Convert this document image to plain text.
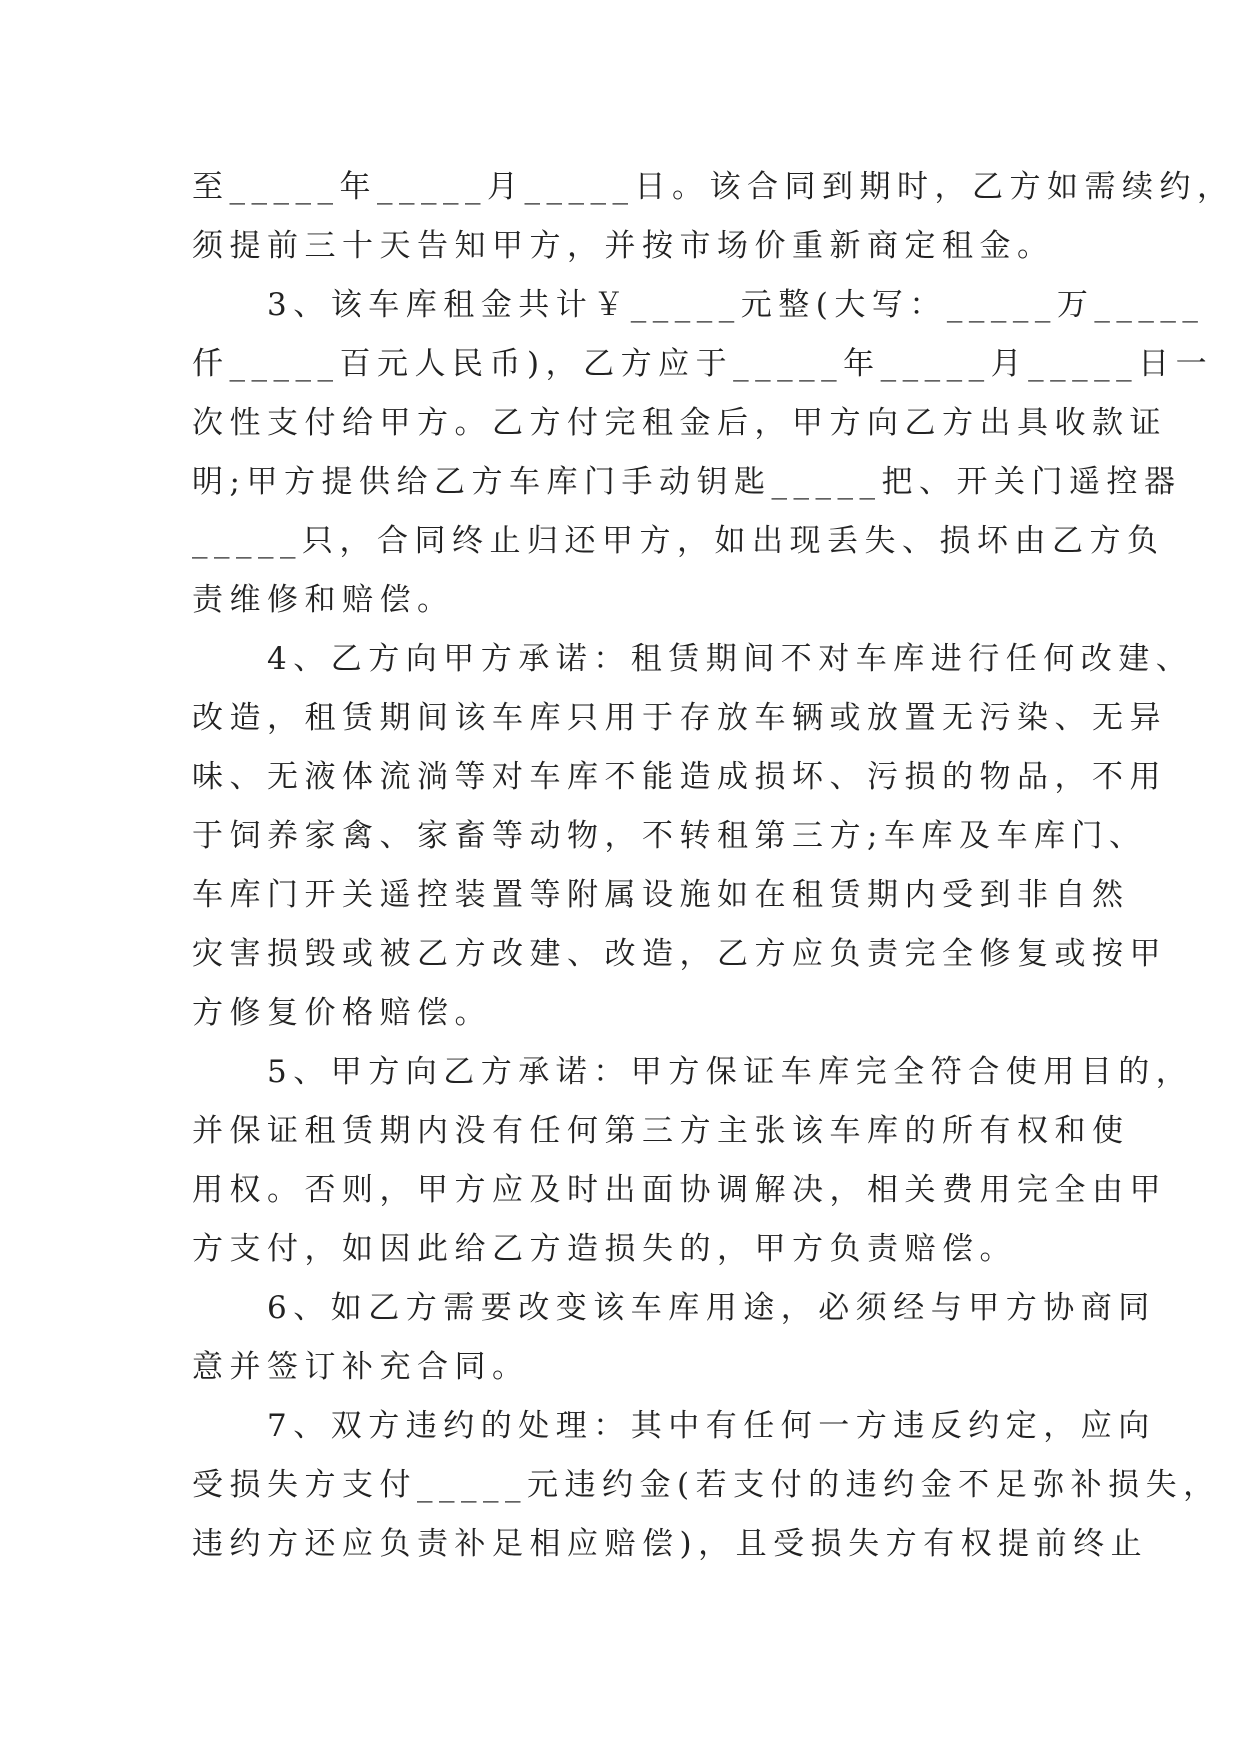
至_____年_____月_____日。该合同到期时，乙方如需续约，
须提前三十天告知甲方，并按市场价重新商定租金。
　　3、该车库租金共计￥_____元整(大写：_____万_____
仟_____百元人民币)，乙方应于_____年_____月_____日一
次性支付给甲方。乙方付完租金后，甲方向乙方出具收款证
明;甲方提供给乙方车库门手动钥匙_____把、开关门遥控器
_____只，合同终止归还甲方，如出现丢失、损坏由乙方负
责维修和赔偿。
　　4、乙方向甲方承诺：租赁期间不对车库进行任何改建、
改造，租赁期间该车库只用于存放车辆或放置无污染、无异
味、无液体流淌等对车库不能造成损坏、污损的物品，不用
于饲养家禽、家畜等动物，不转租第三方;车库及车库门、
车库门开关遥控装置等附属设施如在租赁期内受到非自然
灾害损毁或被乙方改建、改造，乙方应负责完全修复或按甲
方修复价格赔偿。
　　5、甲方向乙方承诺：甲方保证车库完全符合使用目的，
并保证租赁期内没有任何第三方主张该车库的所有权和使
用权。否则，甲方应及时出面协调解决，相关费用完全由甲
方支付，如因此给乙方造损失的，甲方负责赔偿。
　　6、如乙方需要改变该车库用途，必须经与甲方协商同
意并签订补充合同。
　　7、双方违约的处理：其中有任何一方违反约定，应向
受损失方支付_____元违约金(若支付的违约金不足弥补损失，
违约方还应负责补足相应赔偿)，且受损失方有权提前终止
